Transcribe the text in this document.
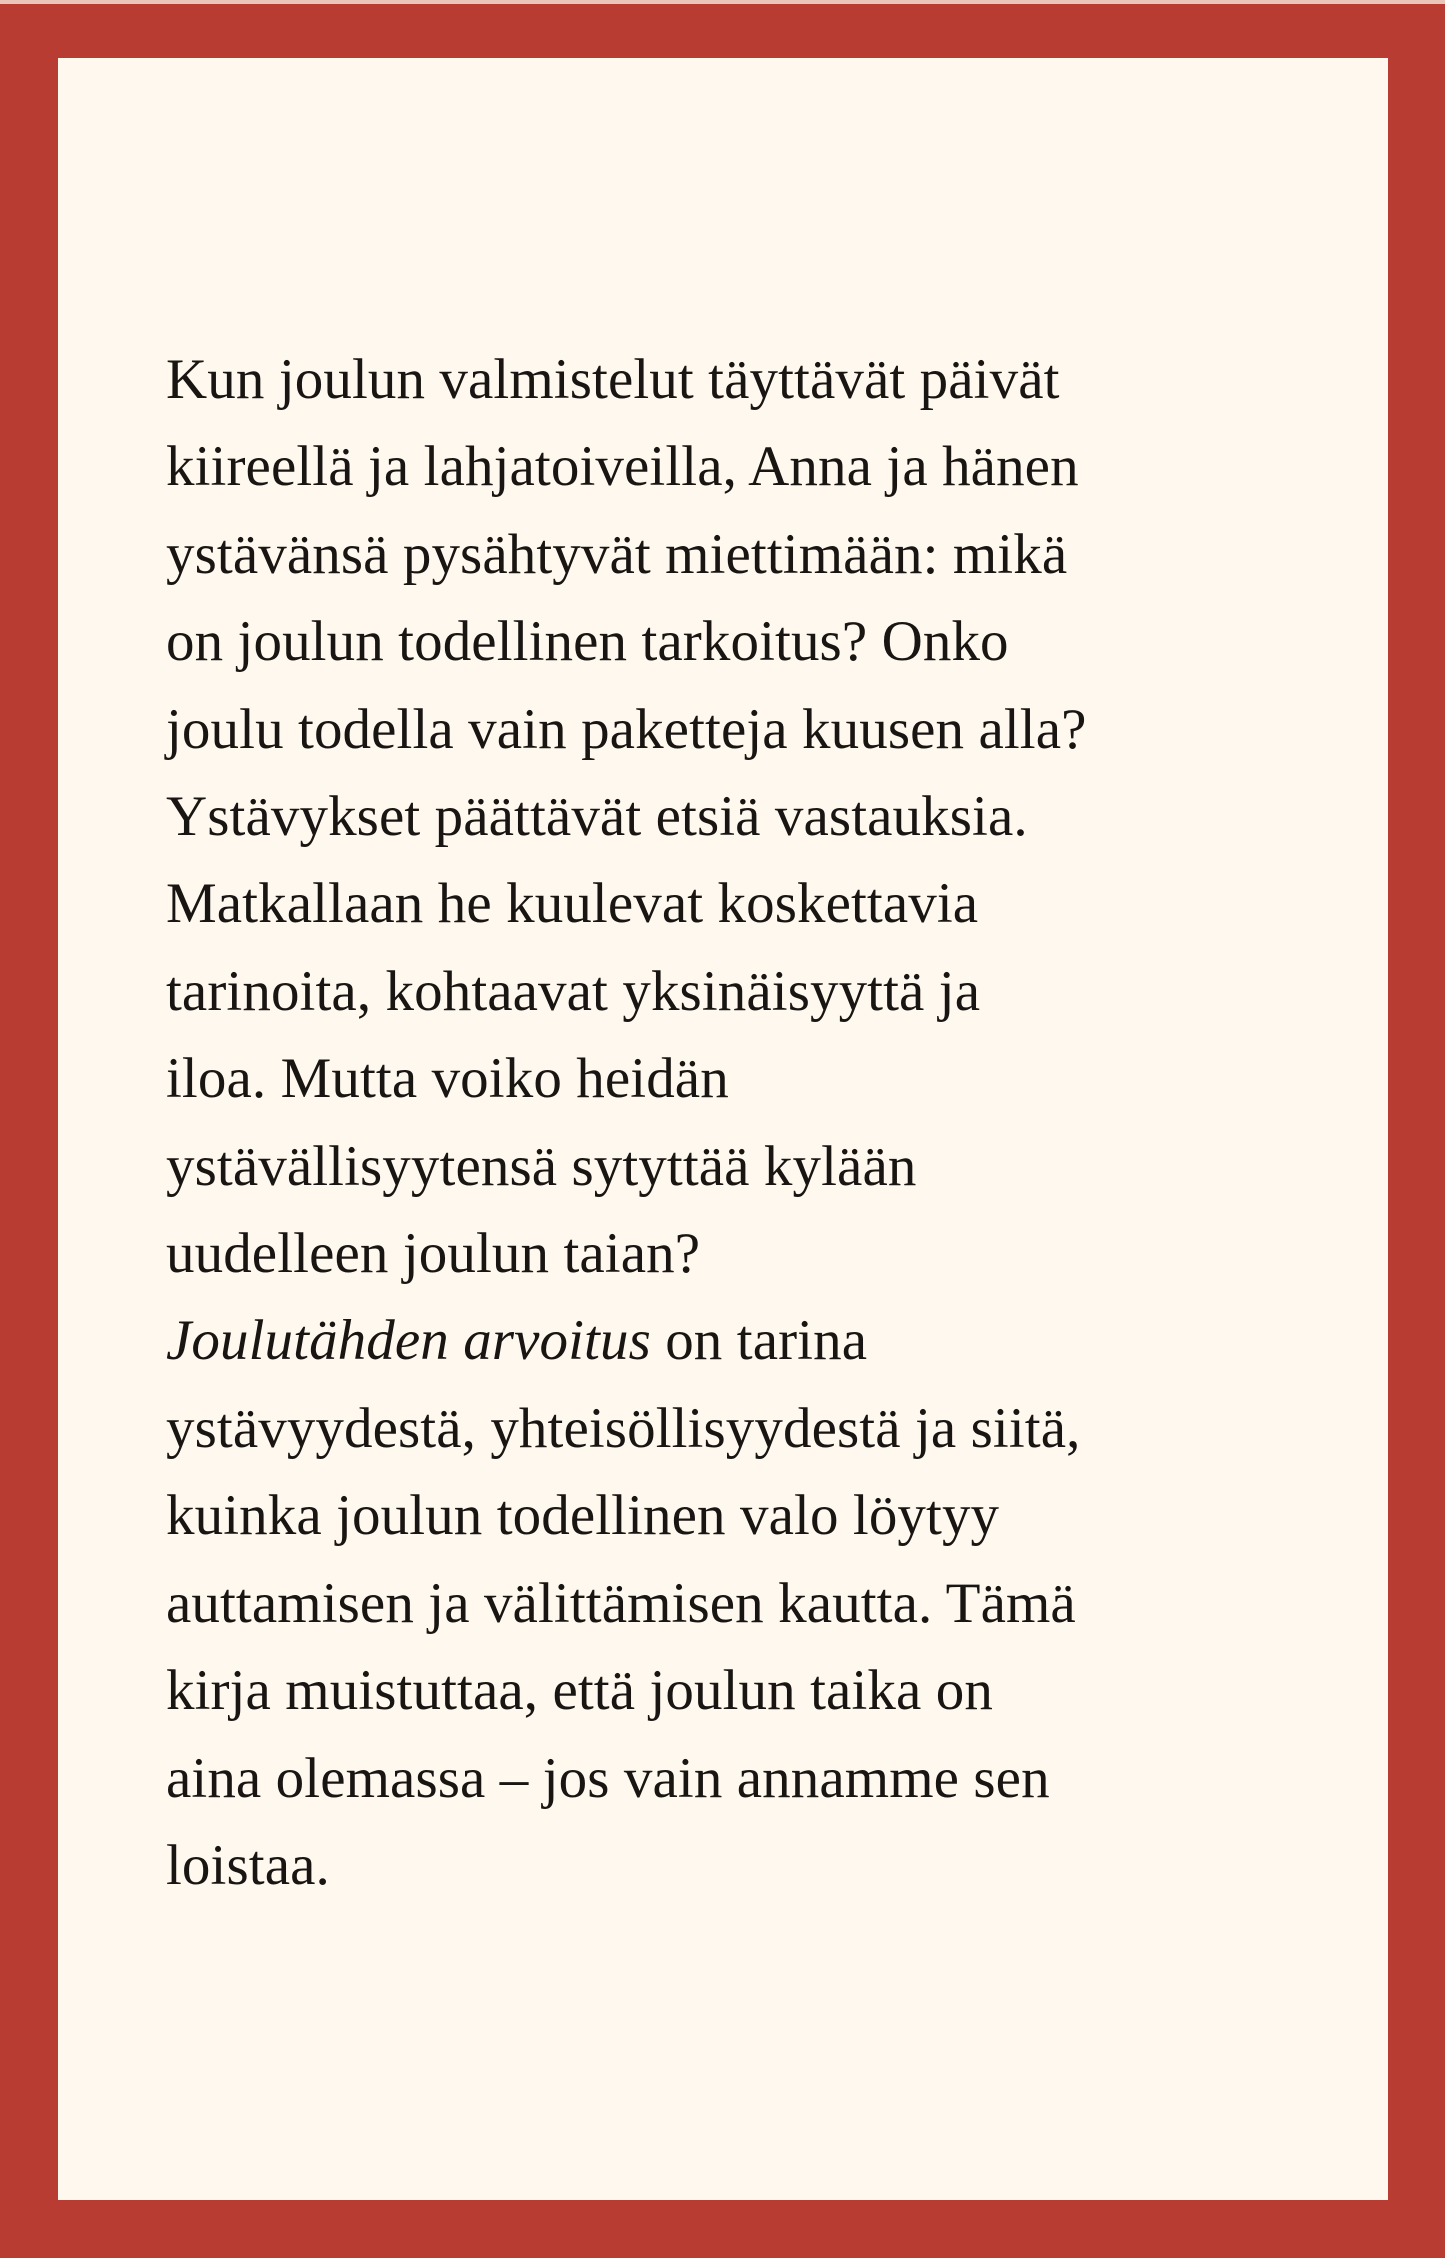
Kun joulun valmistelut täyttävät päivät
kiireellä ja lahjatoiveilla, Anna ja hänen
ystävänsä pysähtyvät miettimään: mikä
on joulun todellinen tarkoitus? Onko
joulu todella vain paketteja kuusen alla?
Ystävykset päättävät etsiä vastauksia.
Matkallaan he kuulevat koskettavia
tarinoita, kohtaavat yksinäisyyttä ja
iloa. Mutta voiko heidän
ystävällisyytensä sytyttää kylään
uudelleen joulun taian?
Joulutähden arvoitus on tarina
ystävyydestä, yhteisöllisyydestä ja siitä,
kuinka joulun todellinen valo löytyy
auttamisen ja välittämisen kautta. Tämä
kirja muistuttaa, että joulun taika on
aina olemassa – jos vain annamme sen
loistaa.
